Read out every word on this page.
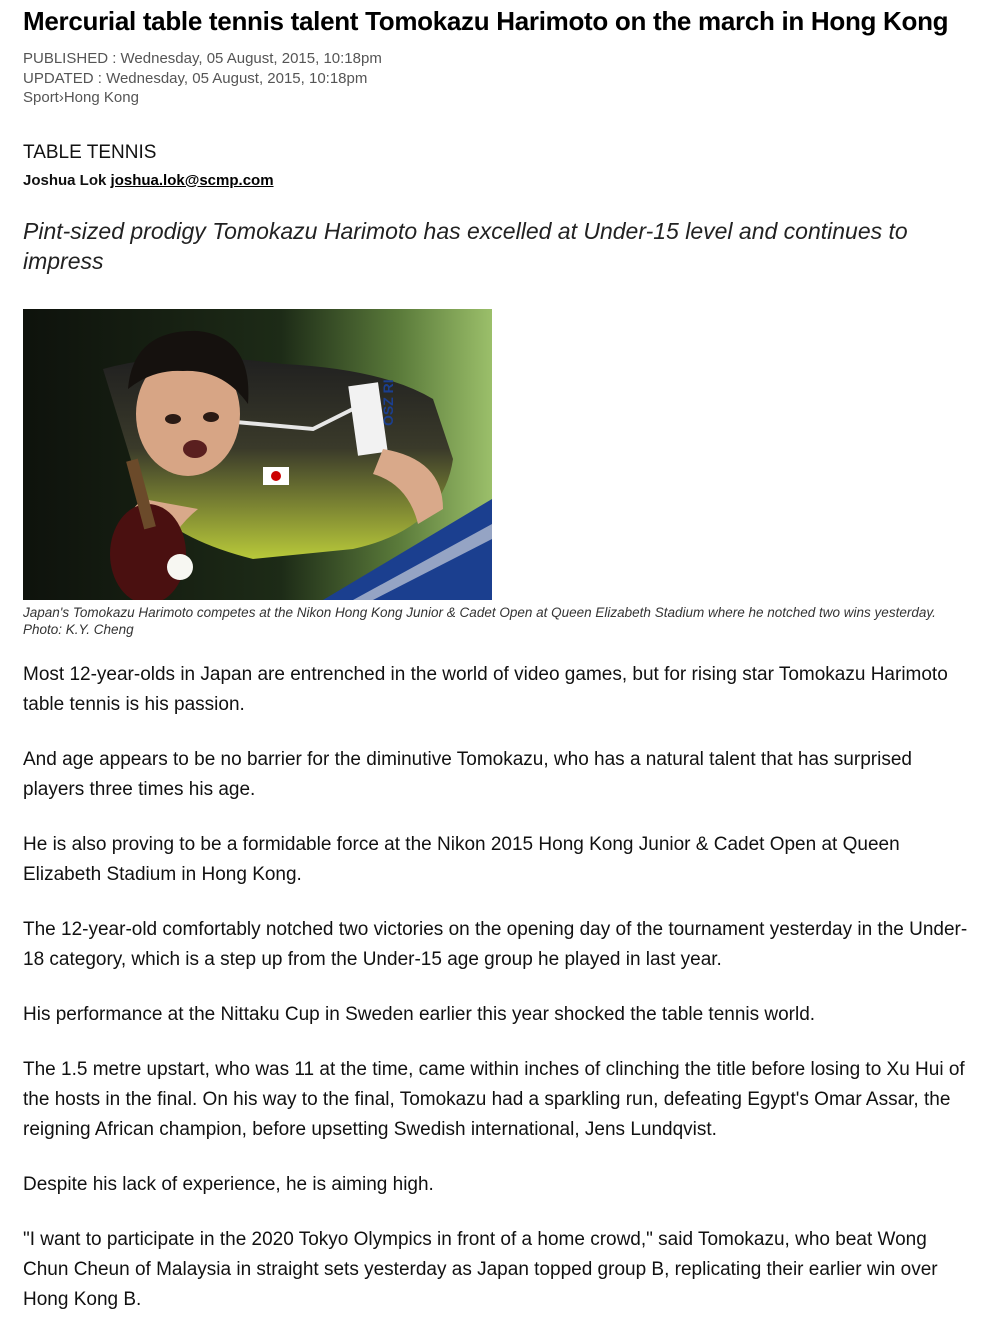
Mercurial table tennis talent Tomokazu Harimoto on the march in Hong Kong
PUBLISHED : Wednesday, 05 August, 2015, 10:18pm
UPDATED : Wednesday, 05 August, 2015, 10:18pm
Sport›Hong Kong
TABLE TENNIS
Joshua Lok joshua.lok@scmp.com
Pint-sized prodigy Tomokazu Harimoto has excelled at Under-15 level and continues to impress
OSZ RI
Japan's Tomokazu Harimoto competes at the Nikon Hong Kong Junior & Cadet Open at Queen Elizabeth Stadium where he notched two wins yesterday. Photo: K.Y. Cheng

Most 12-year-olds in Japan are entrenched in the world of video games, but for rising star Tomokazu Harimoto table tennis is his passion.

And age appears to be no barrier for the diminutive Tomokazu, who has a natural talent that has surprised players three times his age.

He is also proving to be a formidable force at the Nikon 2015 Hong Kong Junior & Cadet Open at Queen Elizabeth Stadium in Hong Kong.

The 12-year-old comfortably notched two victories on the opening day of the tournament yesterday in the Under-18 category, which is a step up from the Under-15 age group he played in last year.

His performance at the Nittaku Cup in Sweden earlier this year shocked the table tennis world.

The 1.5 metre upstart, who was 11 at the time, came within inches of clinching the title before losing to Xu Hui of the hosts in the final. On his way to the final, Tomokazu had a sparkling run, defeating Egypt's Omar Assar, the reigning African champion, before upsetting Swedish international, Jens Lundqvist.

Despite his lack of experience, he is aiming high.

"I want to participate in the 2020 Tokyo Olympics in front of a home crowd," said Tomokazu, who beat Wong Chun Cheun of Malaysia in straight sets yesterday as Japan topped group B, replicating their earlier win over Hong Kong B.
